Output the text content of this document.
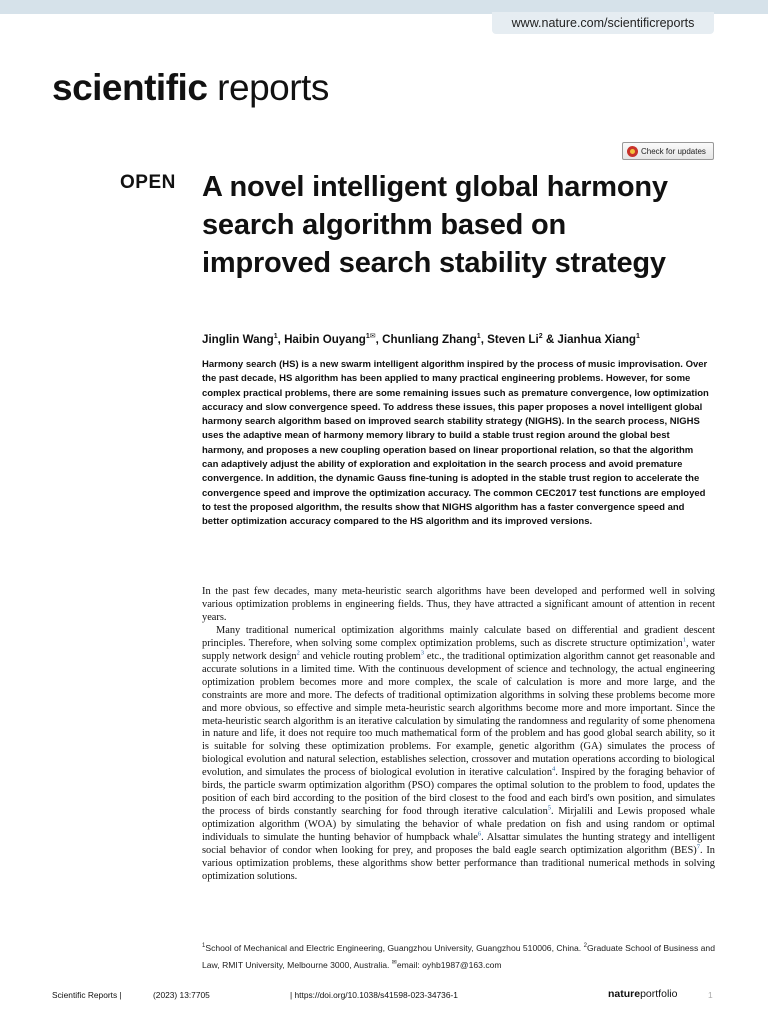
www.nature.com/scientificreports
scientific reports
Check for updates
OPEN A novel intelligent global harmony search algorithm based on improved search stability strategy
Jinglin Wang$^1$, Haibin Ouyang$^{1✉}$, Chunliang Zhang$^1$, Steven Li$^2$ & Jianhua Xiang$^1$

Harmony search (HS) is a new swarm intelligent algorithm inspired by the process of music improvisation. Over the past decade, HS algorithm has been applied to many practical engineering problems. However, for some complex practical problems, there are some remaining issues such as premature convergence, low optimization accuracy and slow convergence speed. To address these issues, this paper proposes a novel intelligent global harmony search algorithm based on improved search stability strategy (NIGHS). In the search process, NIGHS uses the adaptive mean of harmony memory library to build a stable trust region around the global best harmony, and proposes a new coupling operation based on linear proportional relation, so that the algorithm can adaptively adjust the ability of exploration and exploitation in the search process and avoid premature convergence. In addition, the dynamic Gauss fine-tuning is adopted in the stable trust region to accelerate the convergence speed and improve the optimization accuracy. The common CEC2017 test functions are employed to test the proposed algorithm, the results show that NIGHS algorithm has a faster convergence speed and better optimization accuracy compared to the HS algorithm and its improved versions.

In the past few decades, many meta-heuristic search algorithms have been developed and performed well in solving various optimization problems in engineering fields. Thus, they have attracted a significant amount of attention in recent years.

Many traditional numerical optimization algorithms mainly calculate based on differential and gradient descent principles. Therefore, when solving some complex optimization problems, such as discrete structure optimization$^1$, water supply network design$^2$ and vehicle routing problem$^3$ etc., the traditional optimization algorithm cannot get reasonable and accurate solutions in a limited time. With the continuous development of science and technology, the actual engineering optimization problem becomes more and more complex, the scale of calculation is more and more large, and the constraints are more and more. The defects of traditional optimization algorithms in solving these problems become more and more obvious, so effective and simple meta-heuristic search algorithms become more and more important. Since the meta-heuristic search algorithm is an iterative calculation by simulating the randomness and regularity of some phenomena in nature and life, it does not require too much mathematical form of the problem and has good global search ability, so it is suitable for solving these optimization problems. For example, genetic algorithm (GA) simulates the process of biological evolution and natural selection, establishes selection, crossover and mutation operations according to biological evolution, and simulates the process of biological evolution in iterative calculation$^4$. Inspired by the foraging behavior of birds, the particle swarm optimization algorithm (PSO) compares the optimal solution to the problem to food, updates the position of each bird according to the position of the bird closest to the food and each bird's own position, and simulates the process of birds constantly searching for food through iterative calculation$^5$. Mirjalili and Lewis proposed whale optimization algorithm (WOA) by simulating the behavior of whale predation on fish and using random or optimal individuals to simulate the hunting behavior of humpback whale$^6$. Alsattar simulates the hunting strategy and intelligent social behavior of condor when looking for prey, and proposes the bald eagle search optimization algorithm (BES)$^7$. In various optimization problems, these algorithms show better performance than traditional numerical methods in solving optimization solutions.

$^1$School of Mechanical and Electric Engineering, Guangzhou University, Guangzhou 510006, China. $^2$Graduate School of Business and Law, RMIT University, Melbourne 3000, Australia. ✉email: oyhb1987@163.com
Scientific Reports |	(2023) 13:7705	| https://doi.org/10.1038/s41598-023-34736-1	natureportfolio	1
